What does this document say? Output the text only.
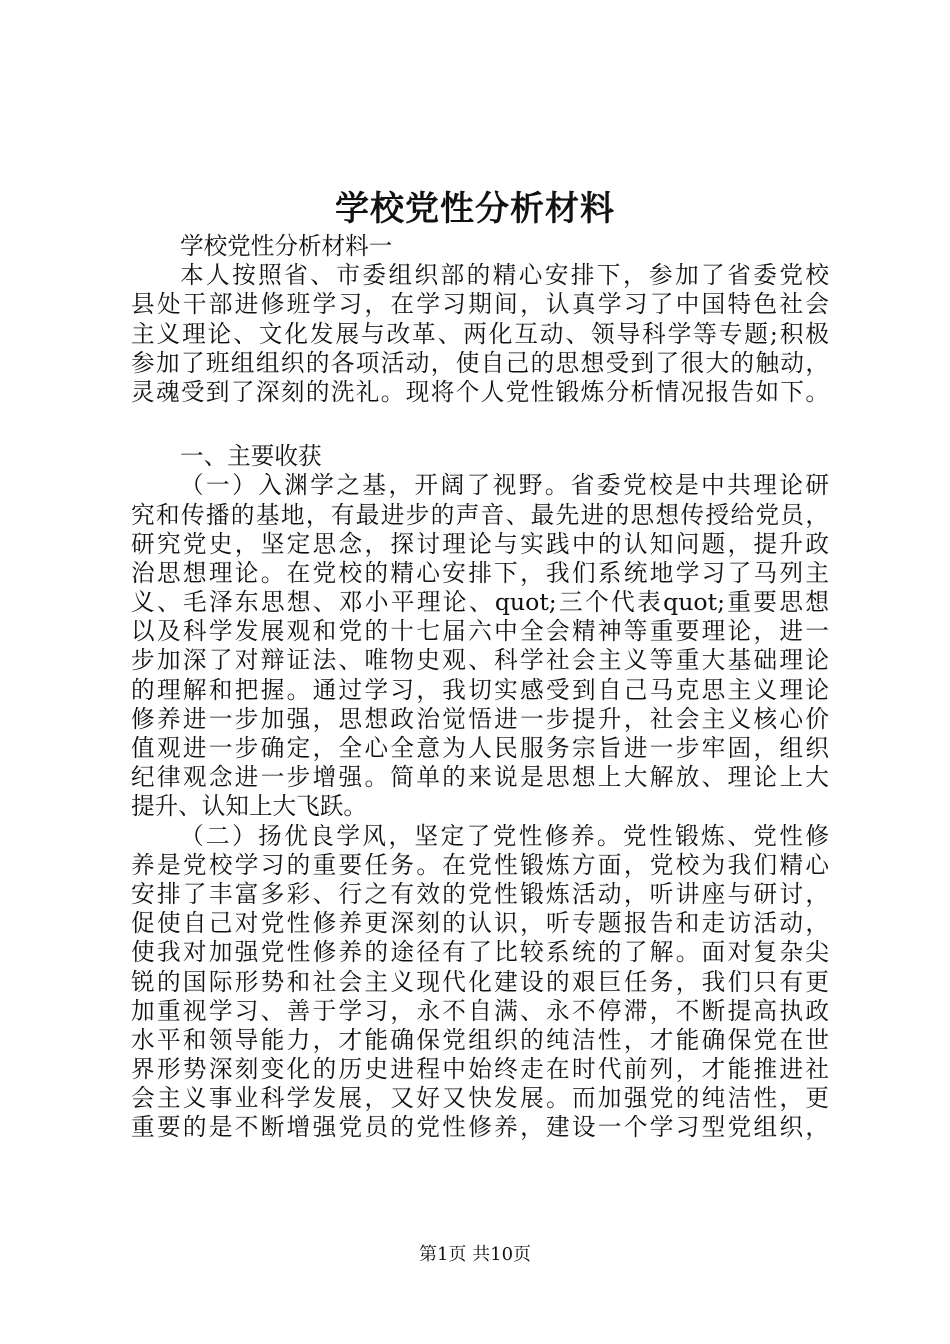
学校党性分析材料
学校党性分析材料一
本人按照省、市委组织部的精心安排下，参加了省委党校
县处干部进修班学习，在学习期间，认真学习了中国特色社会
主义理论、文化发展与改革、两化互动、领导科学等专题;积极
参加了班组组织的各项活动，使自己的思想受到了很大的触动，
灵魂受到了深刻的洗礼。现将个人党性锻炼分析情况报告如下。
一、主要收获
（一）入渊学之基，开阔了视野。省委党校是中共理论研
究和传播的基地，有最进步的声音、最先进的思想传授给党员，
研究党史，坚定思念，探讨理论与实践中的认知问题，提升政
治思想理论。在党校的精心安排下，我们系统地学习了马列主
义、毛泽东思想、邓小平理论、quot;三个代表quot;重要思想
以及科学发展观和党的十七届六中全会精神等重要理论，进一
步加深了对辩证法、唯物史观、科学社会主义等重大基础理论
的理解和把握。通过学习，我切实感受到自己马克思主义理论
修养进一步加强，思想政治觉悟进一步提升，社会主义核心价
值观进一步确定，全心全意为人民服务宗旨进一步牢固，组织
纪律观念进一步增强。简单的来说是思想上大解放、理论上大
提升、认知上大飞跃。
（二）扬优良学风，坚定了党性修养。党性锻炼、党性修
养是党校学习的重要任务。在党性锻炼方面，党校为我们精心
安排了丰富多彩、行之有效的党性锻炼活动，听讲座与研讨，
促使自己对党性修养更深刻的认识，听专题报告和走访活动，
使我对加强党性修养的途径有了比较系统的了解。面对复杂尖
锐的国际形势和社会主义现代化建设的艰巨任务，我们只有更
加重视学习、善于学习，永不自满、永不停滞，不断提高执政
水平和领导能力，才能确保党组织的纯洁性，才能确保党在世
界形势深刻变化的历史进程中始终走在时代前列，才能推进社
会主义事业科学发展，又好又快发展。而加强党的纯洁性，更
重要的是不断增强党员的党性修养，建设一个学习型党组织，
第1页 共10页
